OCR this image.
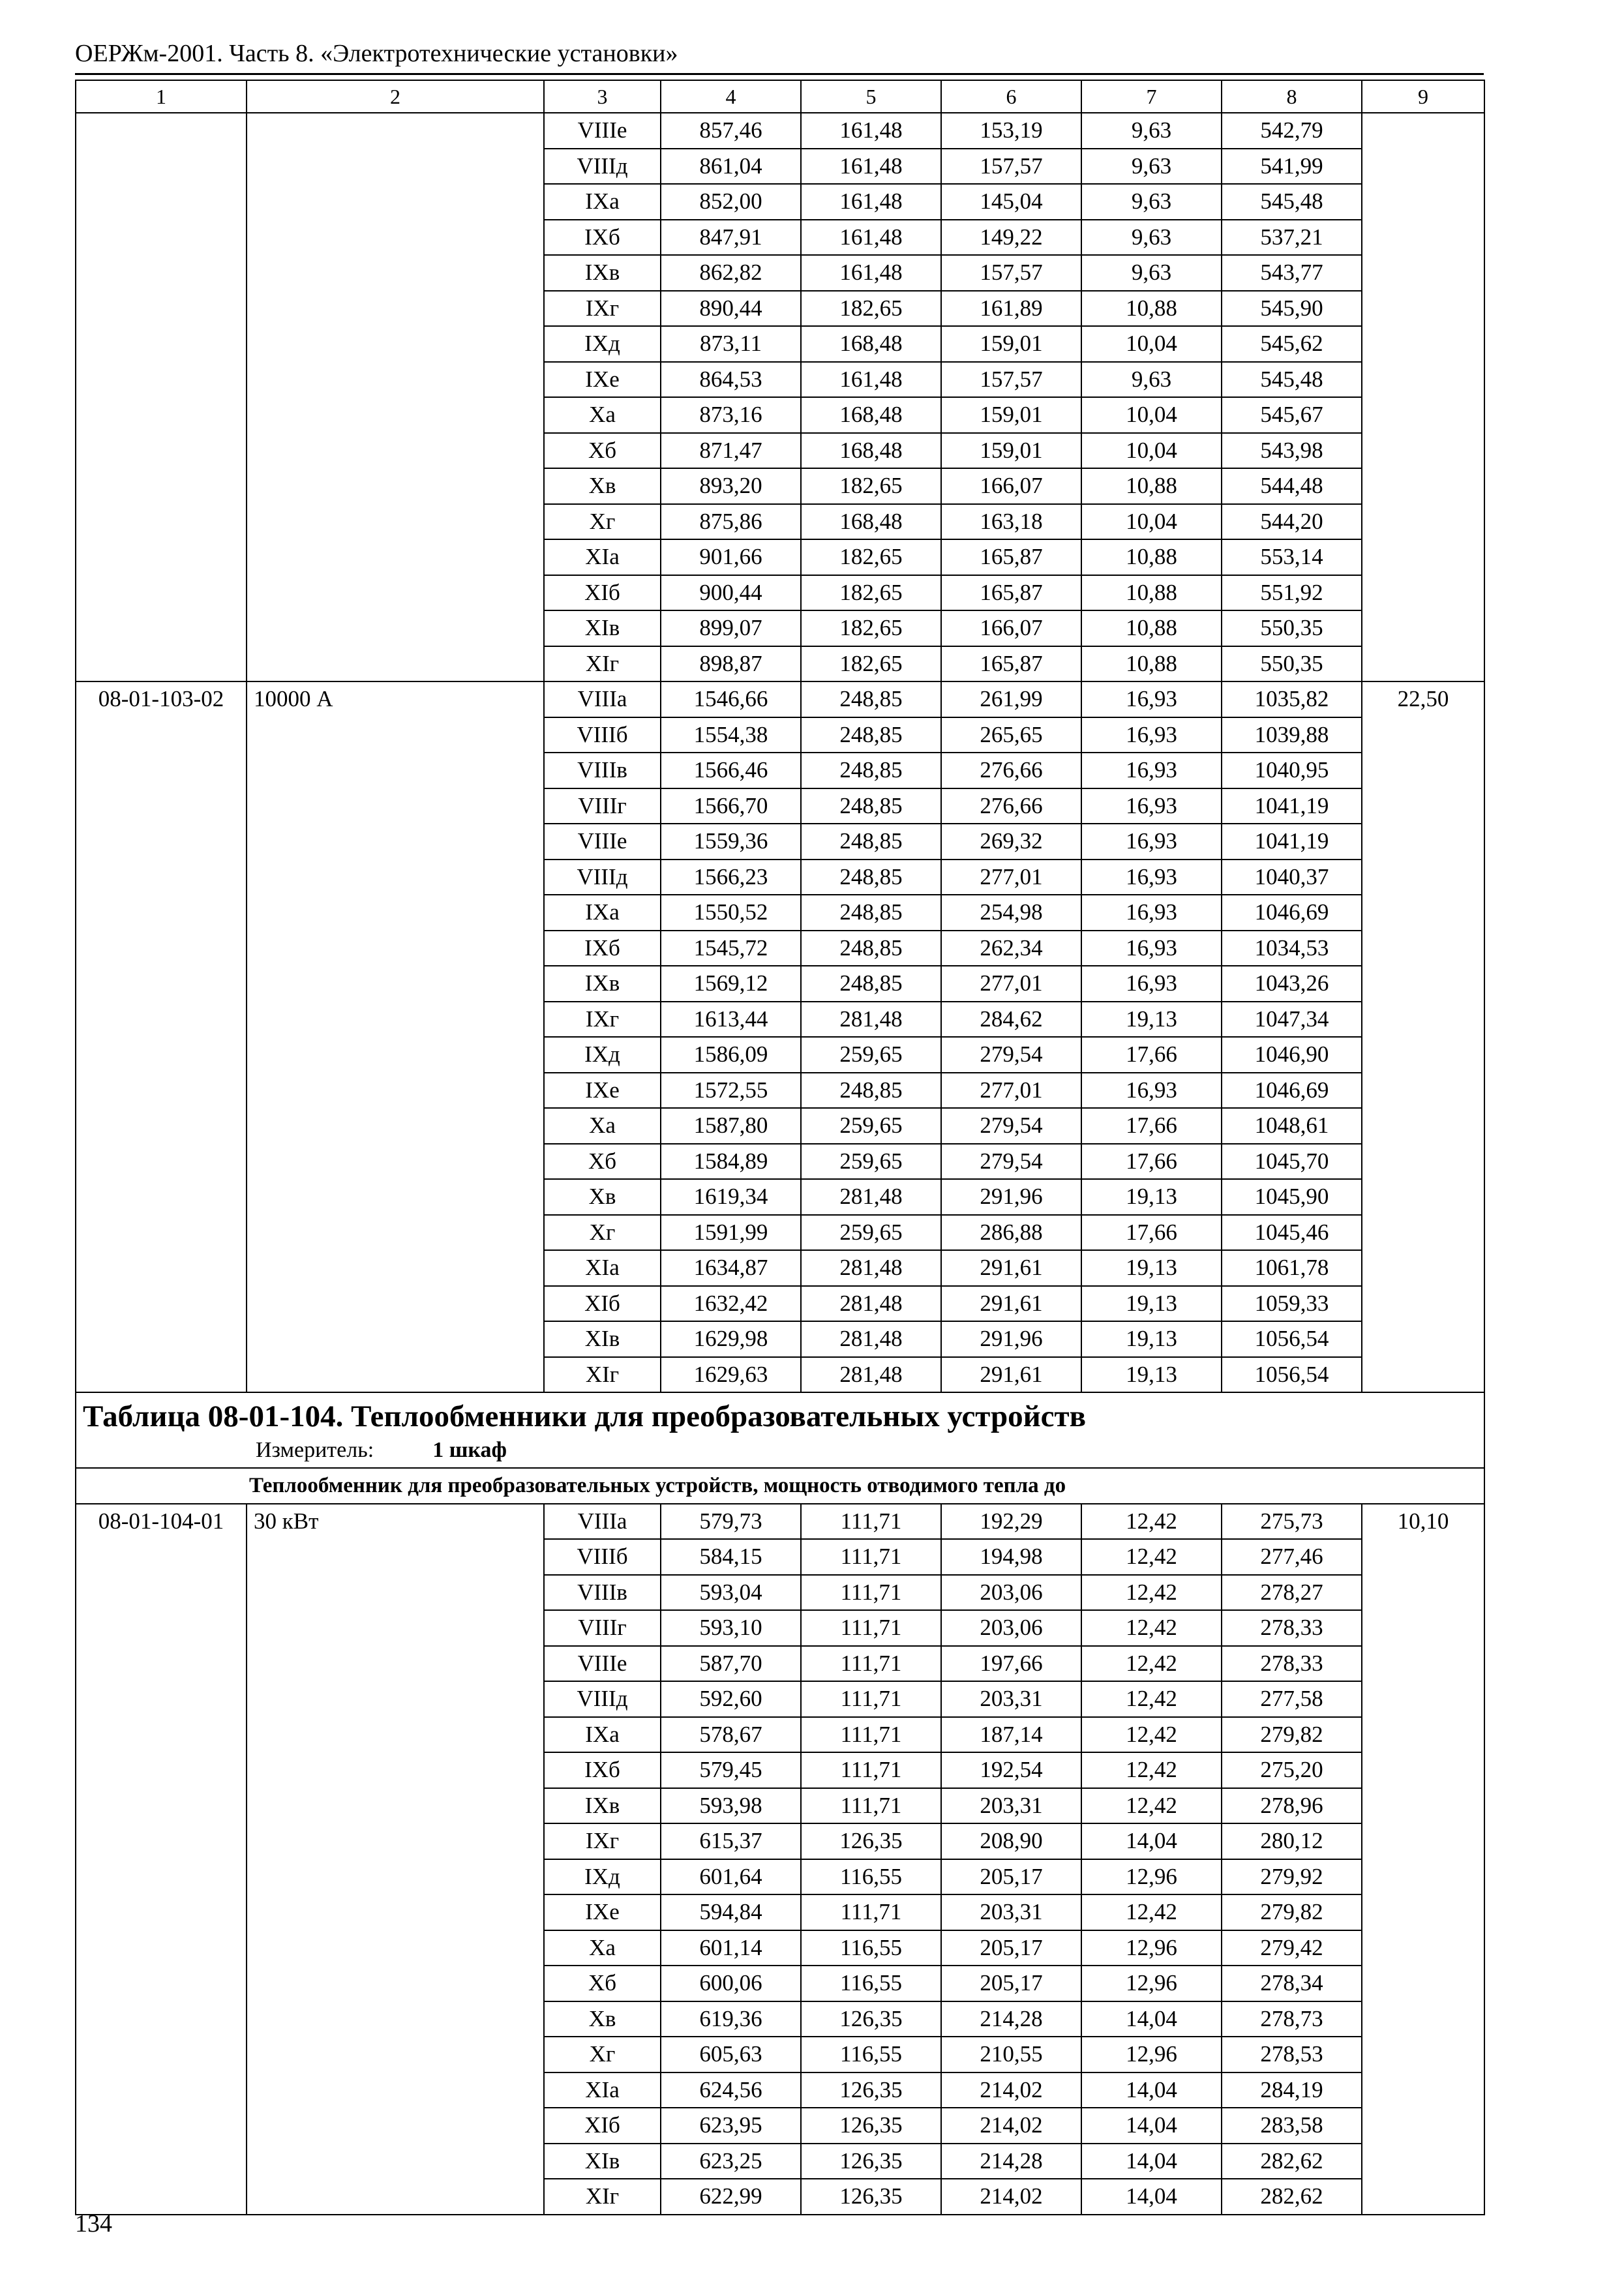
ОЕРЖм-2001. Часть 8. «Электротехнические установки»
1	2	3	4	5	6	7	8	9
		VIIIе	857,46	161,48	153,19	9,63	542,79	
		VIIIд	861,04	161,48	157,57	9,63	541,99	
		IXа	852,00	161,48	145,04	9,63	545,48	
		IXб	847,91	161,48	149,22	9,63	537,21	
		IXв	862,82	161,48	157,57	9,63	543,77	
		IXг	890,44	182,65	161,89	10,88	545,90	
		IXд	873,11	168,48	159,01	10,04	545,62	
		IXе	864,53	161,48	157,57	9,63	545,48	
		Xа	873,16	168,48	159,01	10,04	545,67	
		Xб	871,47	168,48	159,01	10,04	543,98	
		Xв	893,20	182,65	166,07	10,88	544,48	
		Xг	875,86	168,48	163,18	10,04	544,20	
		XIа	901,66	182,65	165,87	10,88	553,14	
		XIб	900,44	182,65	165,87	10,88	551,92	
		XIв	899,07	182,65	166,07	10,88	550,35	
		XIг	898,87	182,65	165,87	10,88	550,35	
08-01-103-02	10000 А	VIIIа	1546,66	248,85	261,99	16,93	1035,82	22,50
		VIIIб	1554,38	248,85	265,65	16,93	1039,88	
		VIIIв	1566,46	248,85	276,66	16,93	1040,95	
		VIIIг	1566,70	248,85	276,66	16,93	1041,19	
		VIIIе	1559,36	248,85	269,32	16,93	1041,19	
		VIIIд	1566,23	248,85	277,01	16,93	1040,37	
		IXа	1550,52	248,85	254,98	16,93	1046,69	
		IXб	1545,72	248,85	262,34	16,93	1034,53	
		IXв	1569,12	248,85	277,01	16,93	1043,26	
		IXг	1613,44	281,48	284,62	19,13	1047,34	
		IXд	1586,09	259,65	279,54	17,66	1046,90	
		IXе	1572,55	248,85	277,01	16,93	1046,69	
		Xа	1587,80	259,65	279,54	17,66	1048,61	
		Xб	1584,89	259,65	279,54	17,66	1045,70	
		Xв	1619,34	281,48	291,96	19,13	1045,90	
		Xг	1591,99	259,65	286,88	17,66	1045,46	
		XIа	1634,87	281,48	291,61	19,13	1061,78	
		XIб	1632,42	281,48	291,61	19,13	1059,33	
		XIв	1629,98	281,48	291,96	19,13	1056,54	
		XIг	1629,63	281,48	291,61	19,13	1056,54	

Таблица 08-01-104. Теплообменники для преобразовательных устройств
Измеритель: 1 шкаф								

Теплообменник для преобразовательных устройств, мощность отводимого тепла до								
08-01-104-01	30 кВт	VIIIа	579,73	111,71	192,29	12,42	275,73	10,10
		VIIIб	584,15	111,71	194,98	12,42	277,46	
		VIIIв	593,04	111,71	203,06	12,42	278,27	
		VIIIг	593,10	111,71	203,06	12,42	278,33	
		VIIIе	587,70	111,71	197,66	12,42	278,33	
		VIIIд	592,60	111,71	203,31	12,42	277,58	
		IXа	578,67	111,71	187,14	12,42	279,82	
		IXб	579,45	111,71	192,54	12,42	275,20	
		IXв	593,98	111,71	203,31	12,42	278,96	
		IXг	615,37	126,35	208,90	14,04	280,12	
		IXд	601,64	116,55	205,17	12,96	279,92	
		IXе	594,84	111,71	203,31	12,42	279,82	
		Xа	601,14	116,55	205,17	12,96	279,42	
		Xб	600,06	116,55	205,17	12,96	278,34	
		Xв	619,36	126,35	214,28	14,04	278,73	
		Xг	605,63	116,55	210,55	12,96	278,53	
		XIа	624,56	126,35	214,02	14,04	284,19	
		XIб	623,95	126,35	214,02	14,04	283,58	
		XIв	623,25	126,35	214,28	14,04	282,62	
		XIг	622,99	126,35	214,02	14,04	282,62	
134
